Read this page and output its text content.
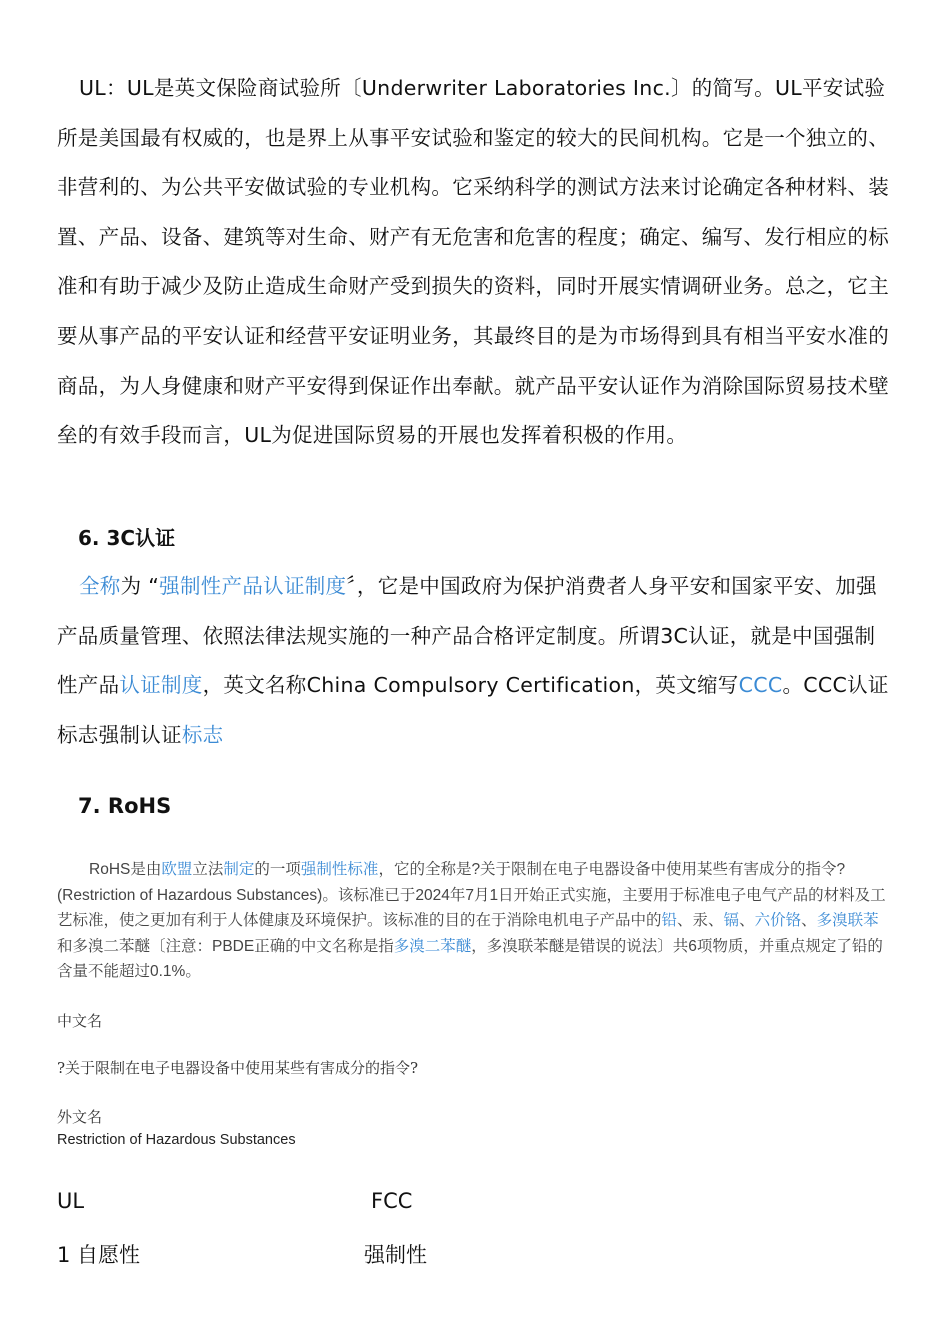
UL：UL是英文保险商试验所〔Underwriter Laboratories Inc.〕的简写。UL平安试验所是美国最有权威的，也是界上从事平安试验和鉴定的较大的民间机构。它是一个独立的、非营利的、为公共平安做试验的专业机构。它采纳科学的测试方法来讨论确定各种材料、装置、产品、设备、建筑等对生命、财产有无危害和危害的程度；确定、编写、发行相应的标准和有助于减少及防止造成生命财产受到损失的资料，同时开展实情调研业务。总之，它主要从事产品的平安认证和经营平安证明业务，其最终目的是为市场得到具有相当平安水准的商品，为人身健康和财产平安得到保证作出奉献。就产品平安认证作为消除国际贸易技术壁垒的有效手段而言，UL为促进国际贸易的开展也发挥着积极的作用。
6. 3C认证
全称为 “强制性产品认证制度〞，它是中国政府为保护消费者人身平安和国家平安、加强产品质量管理、依照法律法规实施的一种产品合格评定制度。所谓3C认证，就是中国强制性产品认证制度，英文名称China Compulsory Certification，英文缩写CCC。CCC认证标志强制认证标志
7. RoHS
RoHS是由欧盟立法制定的一项强制性标准，它的全称是?关于限制在电子电器设备中使用某些有害成分的指令?(Restriction of Hazardous Substances)。该标准已于2024年7月1日开始正式实施，主要用于标准电子电气产品的材料及工艺标准，使之更加有利于人体健康及环境保护。该标准的目的在于消除电机电子产品中的铅、汞、镉、六价铬、多溴联苯和多溴二苯醚〔注意：PBDE正确的中文名称是指多溴二苯醚，多溴联苯醚是错误的说法〕共6项物质，并重点规定了铅的含量不能超过0.1%。
中文名
?关于限制在电子电器设备中使用某些有害成分的指令?
外文名
Restriction of Hazardous Substances
UL	FCC
1 自愿性	强制性
